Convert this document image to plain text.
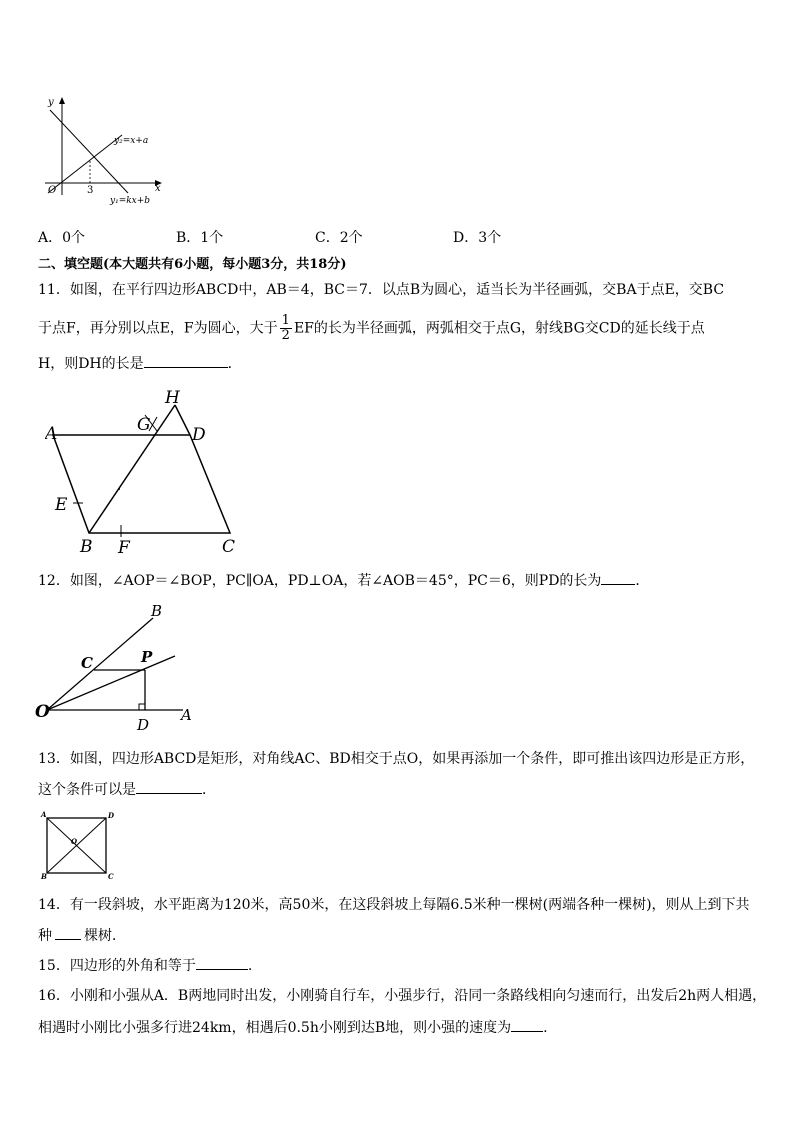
y
x
O	3
y₂=x+a
y₁=kx+b
A．0个	B．1个	C．2个	D．3个
二、填空题(本大题共有6小题，每小题3分，共18分)
11．如图，在平行四边形ABCD中，AB＝4，BC＝7．以点B为圆心，适当长为半径画弧，交BA于点E，交BC
于点F，再分别以点E，F为圆心，大于 $\frac{1}{2}$ EF的长为半径画弧，两弧相交于点G，射线BG交CD的延长线于点
H，则DH的长是	．
A
B	C
D
E
F
G
H
12．如图，∠AOP＝∠BOP，PC∥OA，PD⊥OA，若∠AOB＝45°，PC＝6，则PD的长为 ．
O	A
B
C	P
D
13．如图，四边形ABCD是矩形，对角线AC、BD相交于点O，如果再添加一个条件，即可推出该四边形是正方形，
这个条件可以是	．
A	D
B	C
O
14．有一段斜坡，水平距离为120米，高50米，在这段斜坡上每隔6.5米种一棵树(两端各种一棵树)，则从上到下共
种 棵树．
15．四边形的外角和等于	.
16．小刚和小强从A．B两地同时出发，小刚骑自行车，小强步行，沿同一条路线相向匀速而行，出发后2h两人相遇，
相遇时小刚比小强多行进24km，相遇后0.5h小刚到达B地，则小强的速度为 .
